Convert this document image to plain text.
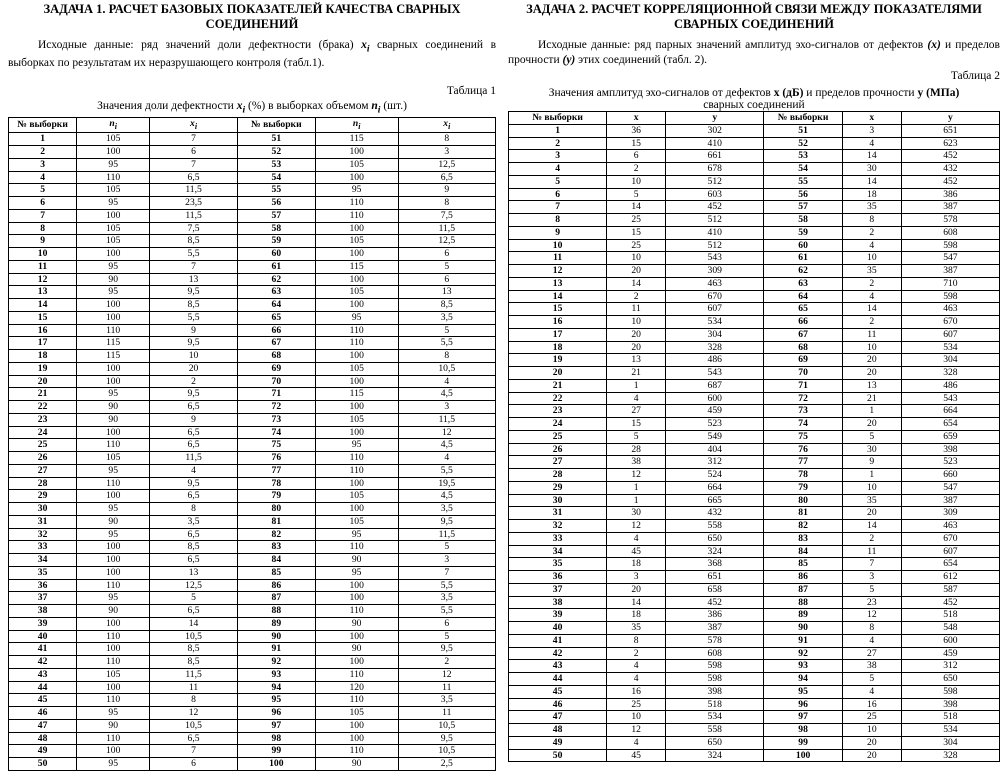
ЗАДАЧА 1. РАСЧЕТ БАЗОВЫХ ПОКАЗАТЕЛЕЙ КАЧЕСТВА СВАРНЫХ СОЕДИНЕНИЙ

Исходные данные: ряд значений доли дефектности (брака) $x_i$ сварных соединений в выборках по результатам их неразрушающего контроля (табл.1).

Таблица 1
Значения доли дефектности $x_i$ (%) в выборках объемом $n_i$ (шт.)
№ выборки	$n_i$	$x_i$	№ выборки	$n_i$	$x_i$
1	105	7	51	115	8
2	100	6	52	100	3
3	95	7	53	105	12,5
4	110	6,5	54	100	6,5
5	105	11,5	55	95	9
6	95	23,5	56	110	8
7	100	11,5	57	110	7,5
8	105	7,5	58	100	11,5
9	105	8,5	59	105	12,5
10	100	5,5	60	100	6
11	95	7	61	115	5
12	90	13	62	100	6
13	95	9,5	63	105	13
14	100	8,5	64	100	8,5
15	100	5,5	65	95	3,5
16	110	9	66	110	5
17	115	9,5	67	110	5,5
18	115	10	68	100	8
19	100	20	69	105	10,5
20	100	2	70	100	4
21	95	9,5	71	115	4,5
22	90	6,5	72	100	3
23	90	9	73	105	11,5
24	100	6,5	74	100	12
25	110	6,5	75	95	4,5
26	105	11,5	76	110	4
27	95	4	77	110	5,5
28	110	9,5	78	100	19,5
29	100	6,5	79	105	4,5
30	95	8	80	100	3,5
31	90	3,5	81	105	9,5
32	95	6,5	82	95	11,5
33	100	8,5	83	110	5
34	100	6,5	84	90	3
35	100	13	85	95	7
36	110	12,5	86	100	5,5
37	95	5	87	100	3,5
38	90	6,5	88	110	5,5
39	100	14	89	90	6
40	110	10,5	90	100	5
41	100	8,5	91	90	9,5
42	110	8,5	92	100	2
43	105	11,5	93	110	12
44	100	11	94	120	11
45	110	8	95	110	3,5
46	95	12	96	105	11
47	90	10,5	97	100	10,5
48	110	6,5	98	100	9,5
49	100	7	99	110	10,5
50	95	6	100	90	2,5
ЗАДАЧА 2. РАСЧЕТ КОРРЕЛЯЦИОННОЙ СВЯЗИ МЕЖДУ ПОКАЗАТЕЛЯМИ СВАРНЫХ СОЕДИНЕНИЙ

Исходные данные: ряд парных значений амплитуд эхо-сигналов от дефектов (x) и пределов прочности (y) этих соединений (табл. 2).

Таблица 2
Значения амплитуд эхо-сигналов от дефектов x (дБ) и пределов прочности y (МПа)
сварных соединений
№ выборки	x	y	№ выборки	x	y
1	36	302	51	3	651
2	15	410	52	4	623
3	6	661	53	14	452
4	2	678	54	30	432
5	10	512	55	14	452
6	5	603	56	18	386
7	14	452	57	35	387
8	25	512	58	8	578
9	15	410	59	2	608
10	25	512	60	4	598
11	10	543	61	10	547
12	20	309	62	35	387
13	14	463	63	2	710
14	2	670	64	4	598
15	11	607	65	14	463
16	10	534	66	2	670
17	20	304	67	11	607
18	20	328	68	10	534
19	13	486	69	20	304
20	21	543	70	20	328
21	1	687	71	13	486
22	4	600	72	21	543
23	27	459	73	1	664
24	15	523	74	20	654
25	5	549	75	5	659
26	28	404	76	30	398
27	38	312	77	9	523
28	12	524	78	1	660
29	1	664	79	10	547
30	1	665	80	35	387
31	30	432	81	20	309
32	12	558	82	14	463
33	4	650	83	2	670
34	45	324	84	11	607
35	18	368	85	7	654
36	3	651	86	3	612
37	20	658	87	5	587
38	14	452	88	23	452
39	18	386	89	12	518
40	35	387	90	8	548
41	8	578	91	4	600
42	2	608	92	27	459
43	4	598	93	38	312
44	4	598	94	5	650
45	16	398	95	4	598
46	25	518	96	16	398
47	10	534	97	25	518
48	12	558	98	10	534
49	4	650	99	20	304
50	45	324	100	20	328
